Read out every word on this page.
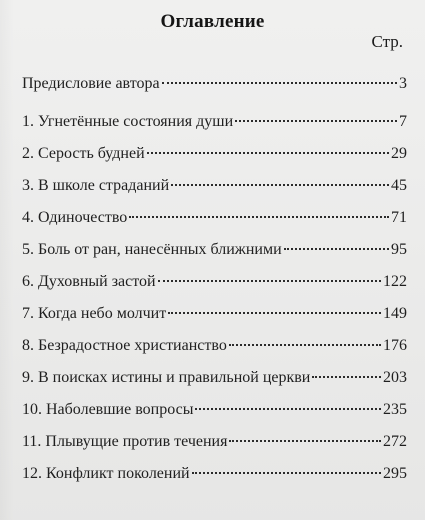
Оглавление
Стр.
Предисловие автора	3
1. Угнетённые состояния души	7
2. Серость будней	29
3. В школе страданий	45
4. Одиночество	71
5. Боль от ран, нанесённых ближними	95
6. Духовный застой	122
7. Когда небо молчит	149
8. Безрадостное христианство	176
9. В поисках истины и правильной церкви	203
10. Наболевшие вопросы	235
11. Плывущие против течения	272
12. Конфликт поколений	295
